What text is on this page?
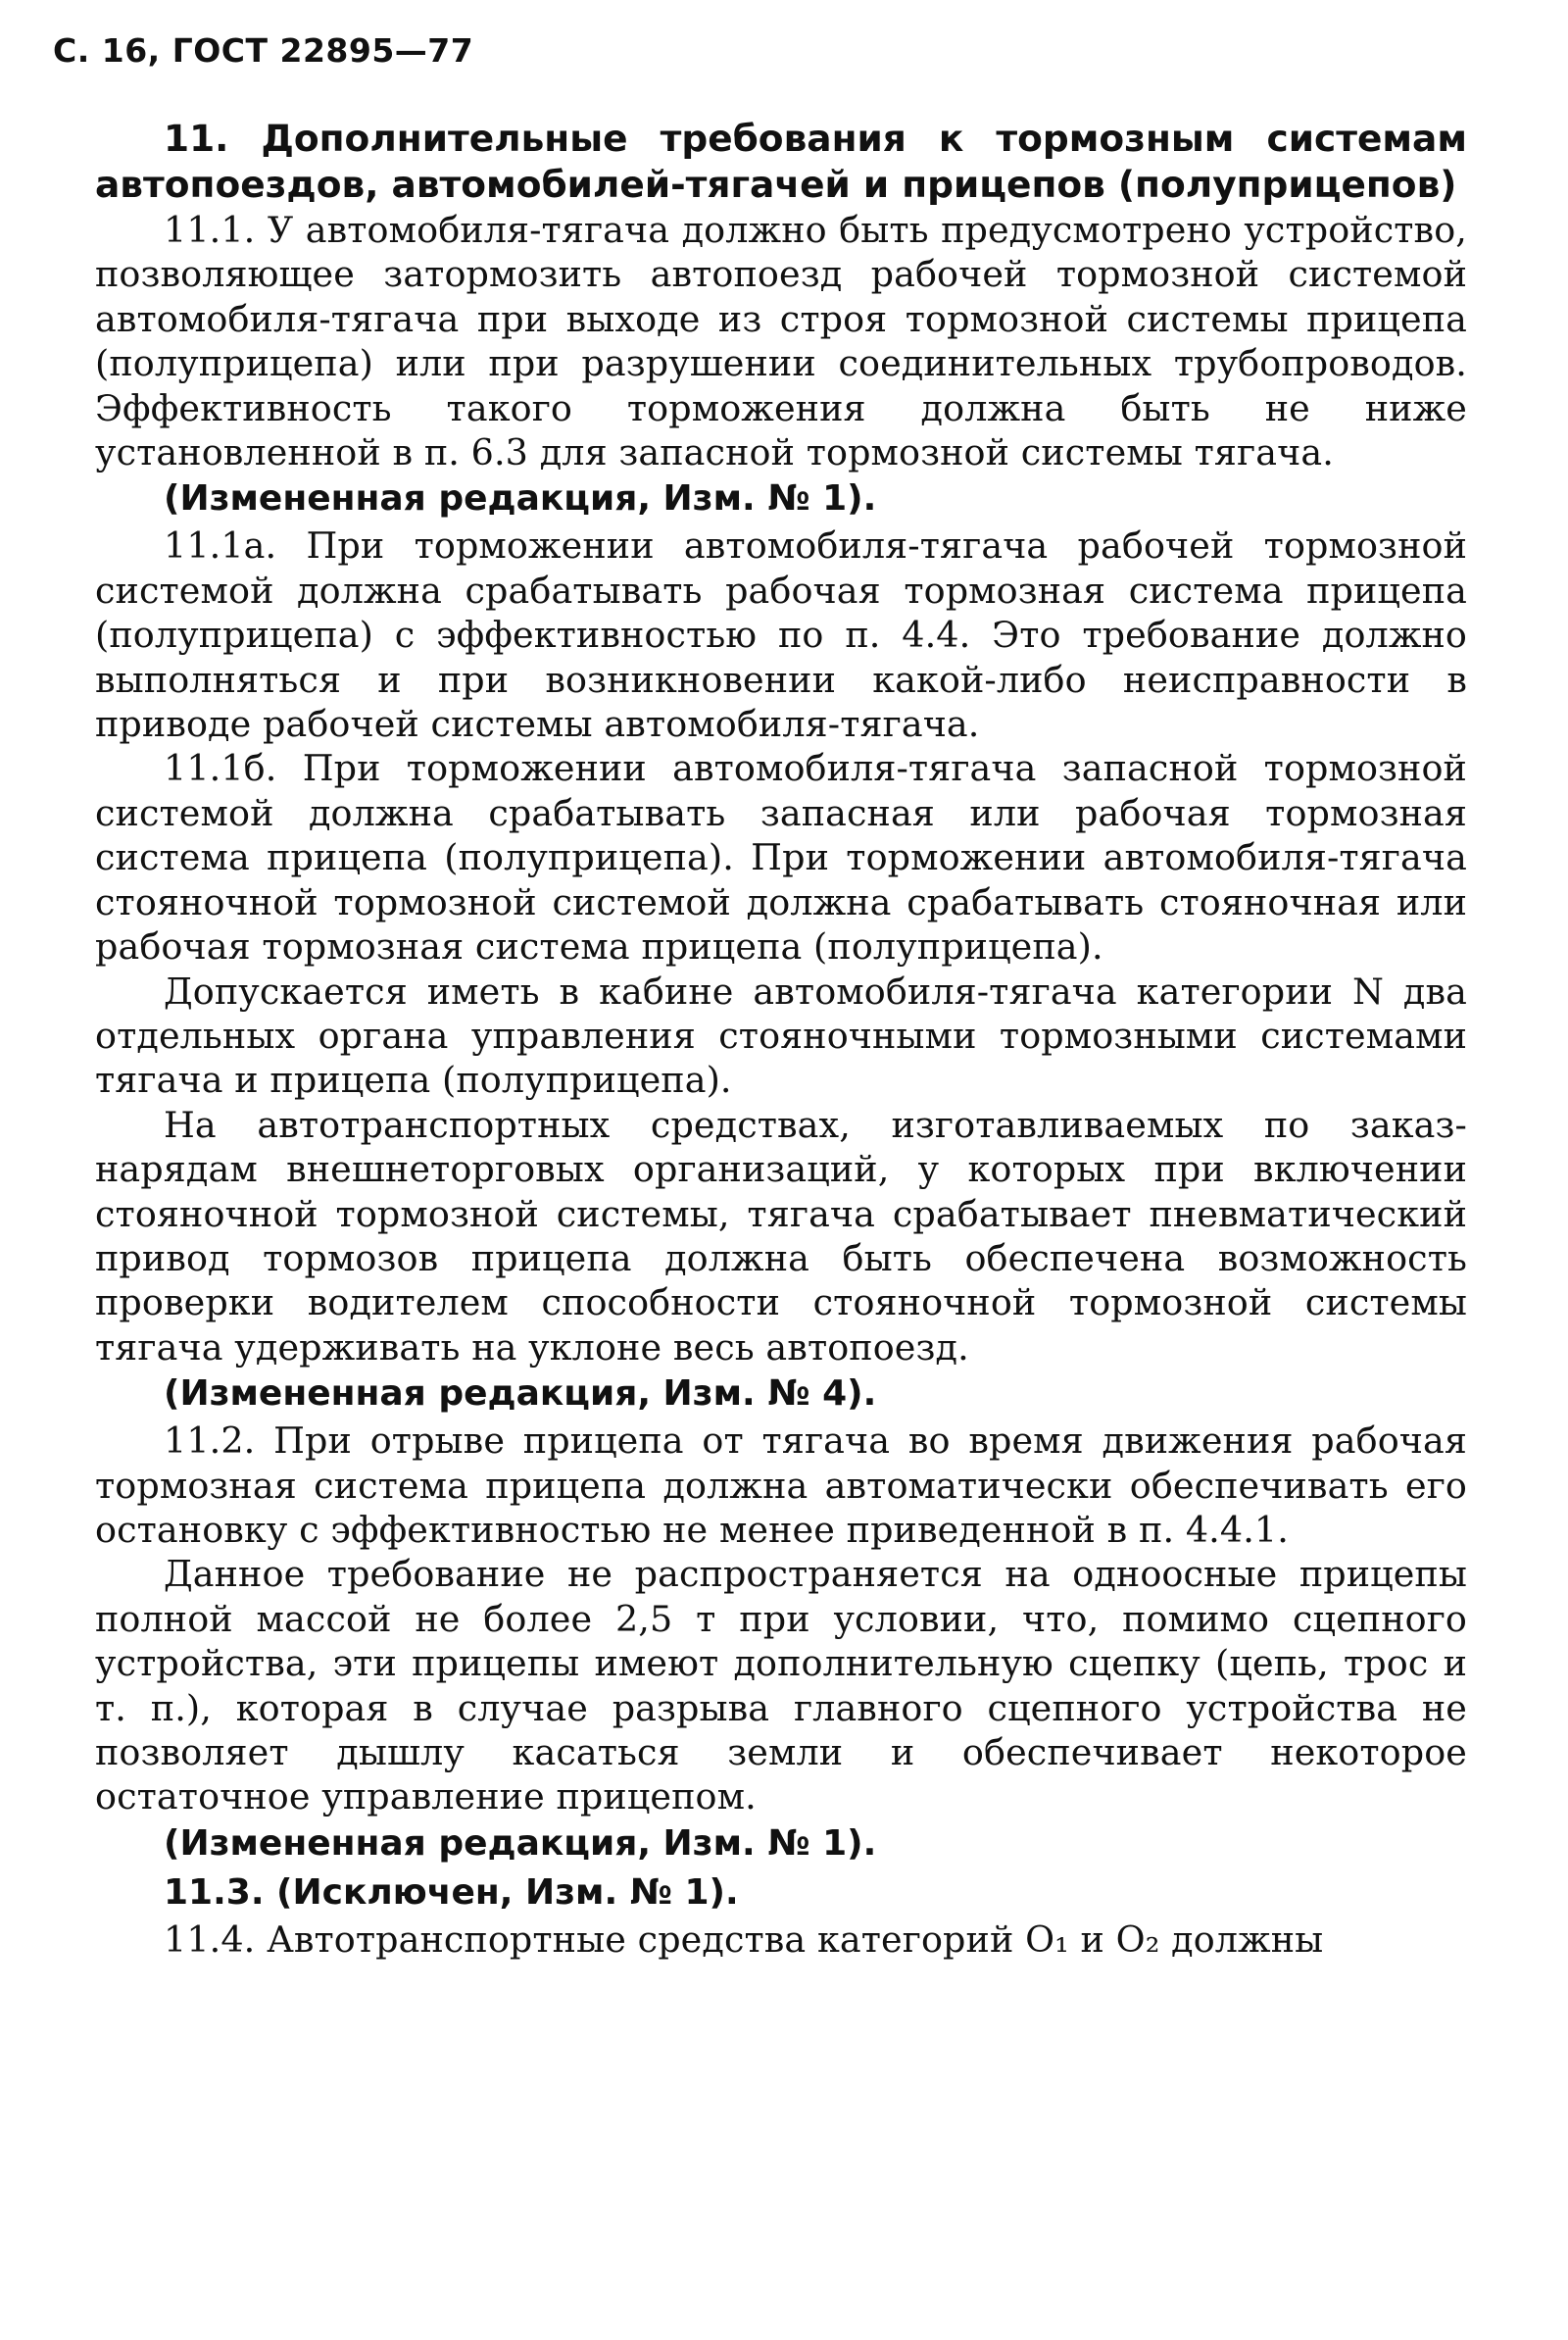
С. 16, ГОСТ 22895—77

11. Дополнительные требования к тормозным системам автопоездов, автомобилей-тягачей и прицепов (полуприцепов)

11.1. У автомобиля-тягача должно быть предусмотрено устройство, позволяющее затормозить автопоезд рабочей тормозной системой автомобиля-тягача при выходе из строя тормозной системы прицепа (полуприцепа) или при разрушении соединительных трубопроводов. Эффективность такого торможения должна быть не ниже установленной в п. 6.3 для запасной тормозной системы тягача.

(Измененная редакция, Изм. № 1).

11.1а. При торможении автомобиля-тягача рабочей тормозной системой должна срабатывать рабочая тормозная система прицепа (полуприцепа) с эффективностью по п. 4.4. Это требование должно выполняться и при возникновении какой-либо неисправности в приводе рабочей системы автомобиля-тягача.

11.1б. При торможении автомобиля-тягача запасной тормозной системой должна срабатывать запасная или рабочая тормозная система прицепа (полуприцепа). При торможении автомобиля-тягача стояночной тормозной системой должна срабатывать стояночная или рабочая тормозная система прицепа (полуприцепа).

Допускается иметь в кабине автомобиля-тягача категории N два отдельных органа управления стояночными тормозными системами тягача и прицепа (полуприцепа).

На автотранспортных средствах, изготавливаемых по заказ-нарядам внешнеторговых организаций, у которых при включении стояночной тормозной системы, тягача срабатывает пневматический привод тормозов прицепа должна быть обеспечена возможность проверки водителем способности стояночной тормозной системы тягача удерживать на уклоне весь автопоезд.

(Измененная редакция, Изм. № 4).

11.2. При отрыве прицепа от тягача во время движения рабочая тормозная система прицепа должна автоматически обеспечивать его остановку с эффективностью не менее приведенной в п. 4.4.1.

Данное требование не распространяется на одноосные прицепы полной массой не более 2,5 т при условии, что, помимо сцепного устройства, эти прицепы имеют дополнительную сцепку (цепь, трос и т. п.), которая в случае разрыва главного сцепного устройства не позволяет дышлу касаться земли и обеспечивает некоторое остаточное управление прицепом.

(Измененная редакция, Изм. № 1).

11.3. (Исключен, Изм. № 1).

11.4. Автотранспортные средства категорий O₁ и O₂ должны
